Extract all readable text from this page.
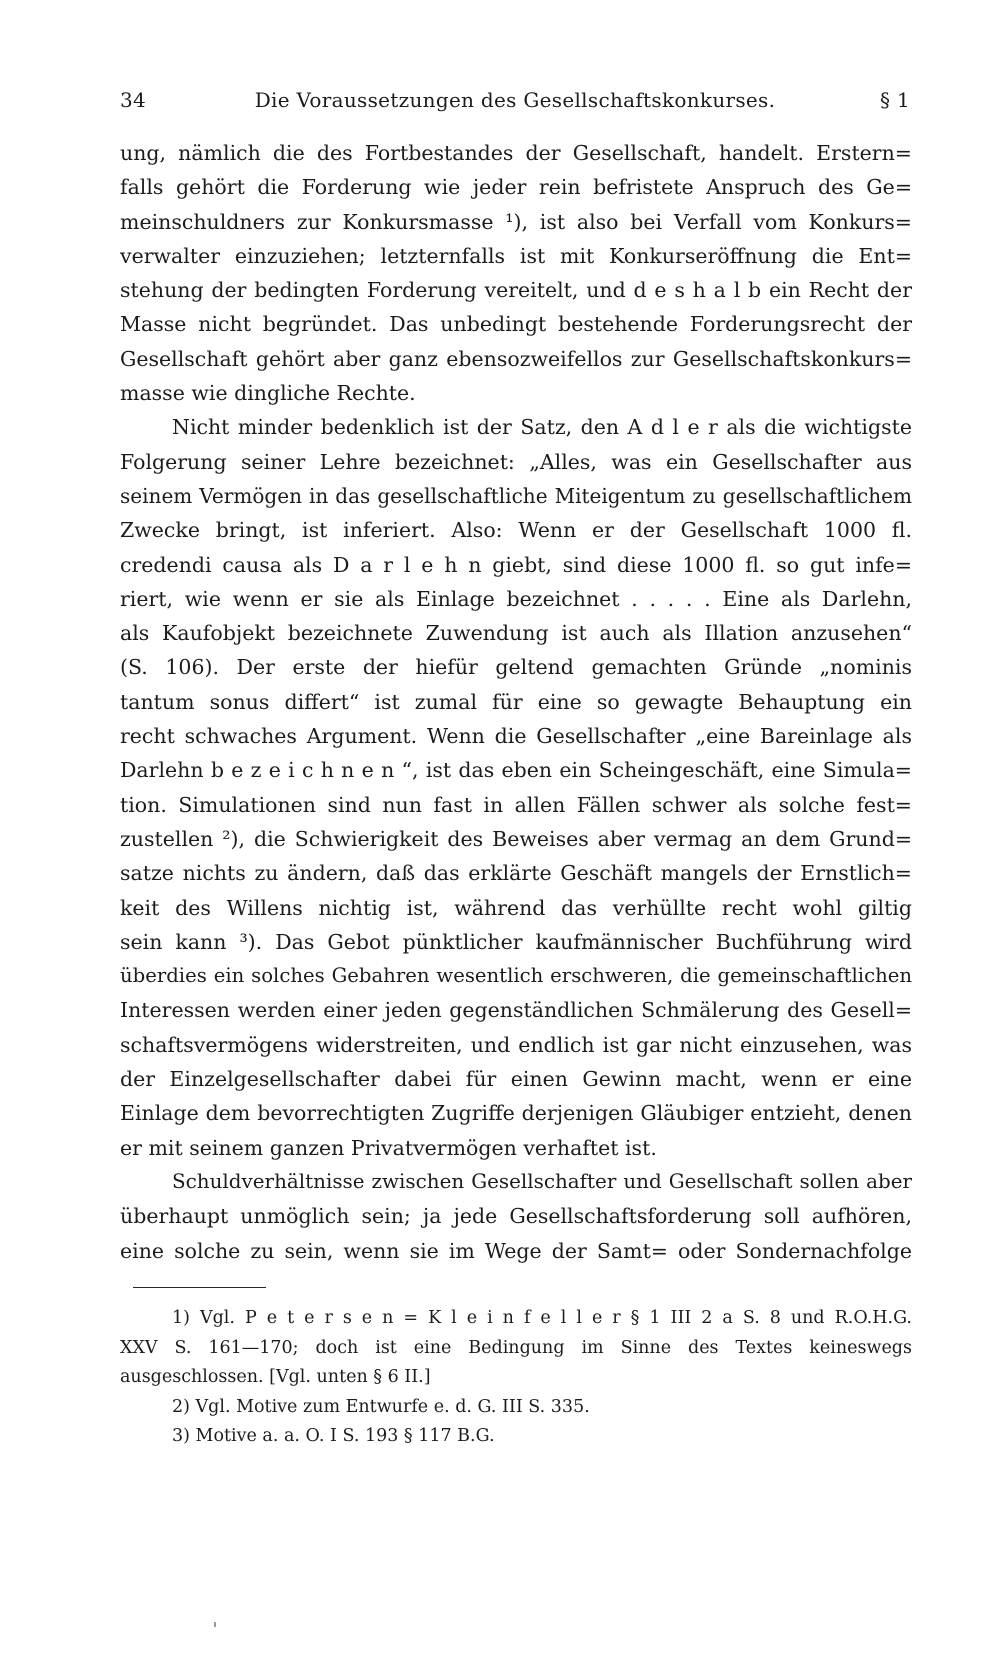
34	Die Voraussetzungen des Gesellschaftskonkurses.	§ 1
ung, nämlich die des Fortbestandes der Gesellschaft, handelt. Erstern=
falls gehört die Forderung wie jeder rein befristete Anspruch des Ge=
meinschuldners zur Konkursmasse ¹), ist also bei Verfall vom Konkurs=
verwalter einzuziehen; letzternfalls ist mit Konkurseröffnung die Ent=
stehung der bedingten Forderung vereitelt, und d e s h a l b ein Recht der
Masse nicht begründet. Das unbedingt bestehende Forderungsrecht der
Gesellschaft gehört aber ganz ebensozweifellos zur Gesellschaftskonkurs=
masse wie dingliche Rechte.
Nicht minder bedenklich ist der Satz, den A d l e r als die wichtigste
Folgerung seiner Lehre bezeichnet: „Alles, was ein Gesellschafter aus
seinem Vermögen in das gesellschaftliche Miteigentum zu gesellschaftlichem
Zwecke bringt, ist inferiert. Also: Wenn er der Gesellschaft 1000 fl.
credendi causa als D a r l e h n giebt, sind diese 1000 fl. so gut infe=
riert, wie wenn er sie als Einlage bezeichnet . . . . . Eine als Darlehn,
als Kaufobjekt bezeichnete Zuwendung ist auch als Illation anzusehen“
(S. 106). Der erste der hiefür geltend gemachten Gründe „nominis
tantum sonus differt“ ist zumal für eine so gewagte Behauptung ein
recht schwaches Argument. Wenn die Gesellschafter „eine Bareinlage als
Darlehn b e z e i c h n e n “, ist das eben ein Scheingeschäft, eine Simula=
tion. Simulationen sind nun fast in allen Fällen schwer als solche fest=
zustellen ²), die Schwierigkeit des Beweises aber vermag an dem Grund=
satze nichts zu ändern, daß das erklärte Geschäft mangels der Ernstlich=
keit des Willens nichtig ist, während das verhüllte recht wohl giltig
sein kann ³). Das Gebot pünktlicher kaufmännischer Buchführung wird
überdies ein solches Gebahren wesentlich erschweren, die gemeinschaftlichen
Interessen werden einer jeden gegenständlichen Schmälerung des Gesell=
schaftsvermögens widerstreiten, und endlich ist gar nicht einzusehen, was
der Einzelgesellschafter dabei für einen Gewinn macht, wenn er eine
Einlage dem bevorrechtigten Zugriffe derjenigen Gläubiger entzieht, denen
er mit seinem ganzen Privatvermögen verhaftet ist.
Schuldverhältnisse zwischen Gesellschafter und Gesellschaft sollen aber
überhaupt unmöglich sein; ja jede Gesellschaftsforderung soll aufhören,
eine solche zu sein, wenn sie im Wege der Samt= oder Sondernachfolge
1) Vgl. P e t e r s e n = K l e i n f e l l e r § 1 III 2 a S. 8 und R.O.H.G.
XXV S. 161—170; doch ist eine Bedingung im Sinne des Textes keineswegs
ausgeschlossen. [Vgl. unten § 6 II.]
2) Vgl. Motive zum Entwurfe e. d. G. III S. 335.
3) Motive a. a. O. I S. 193 § 117 B.G.
